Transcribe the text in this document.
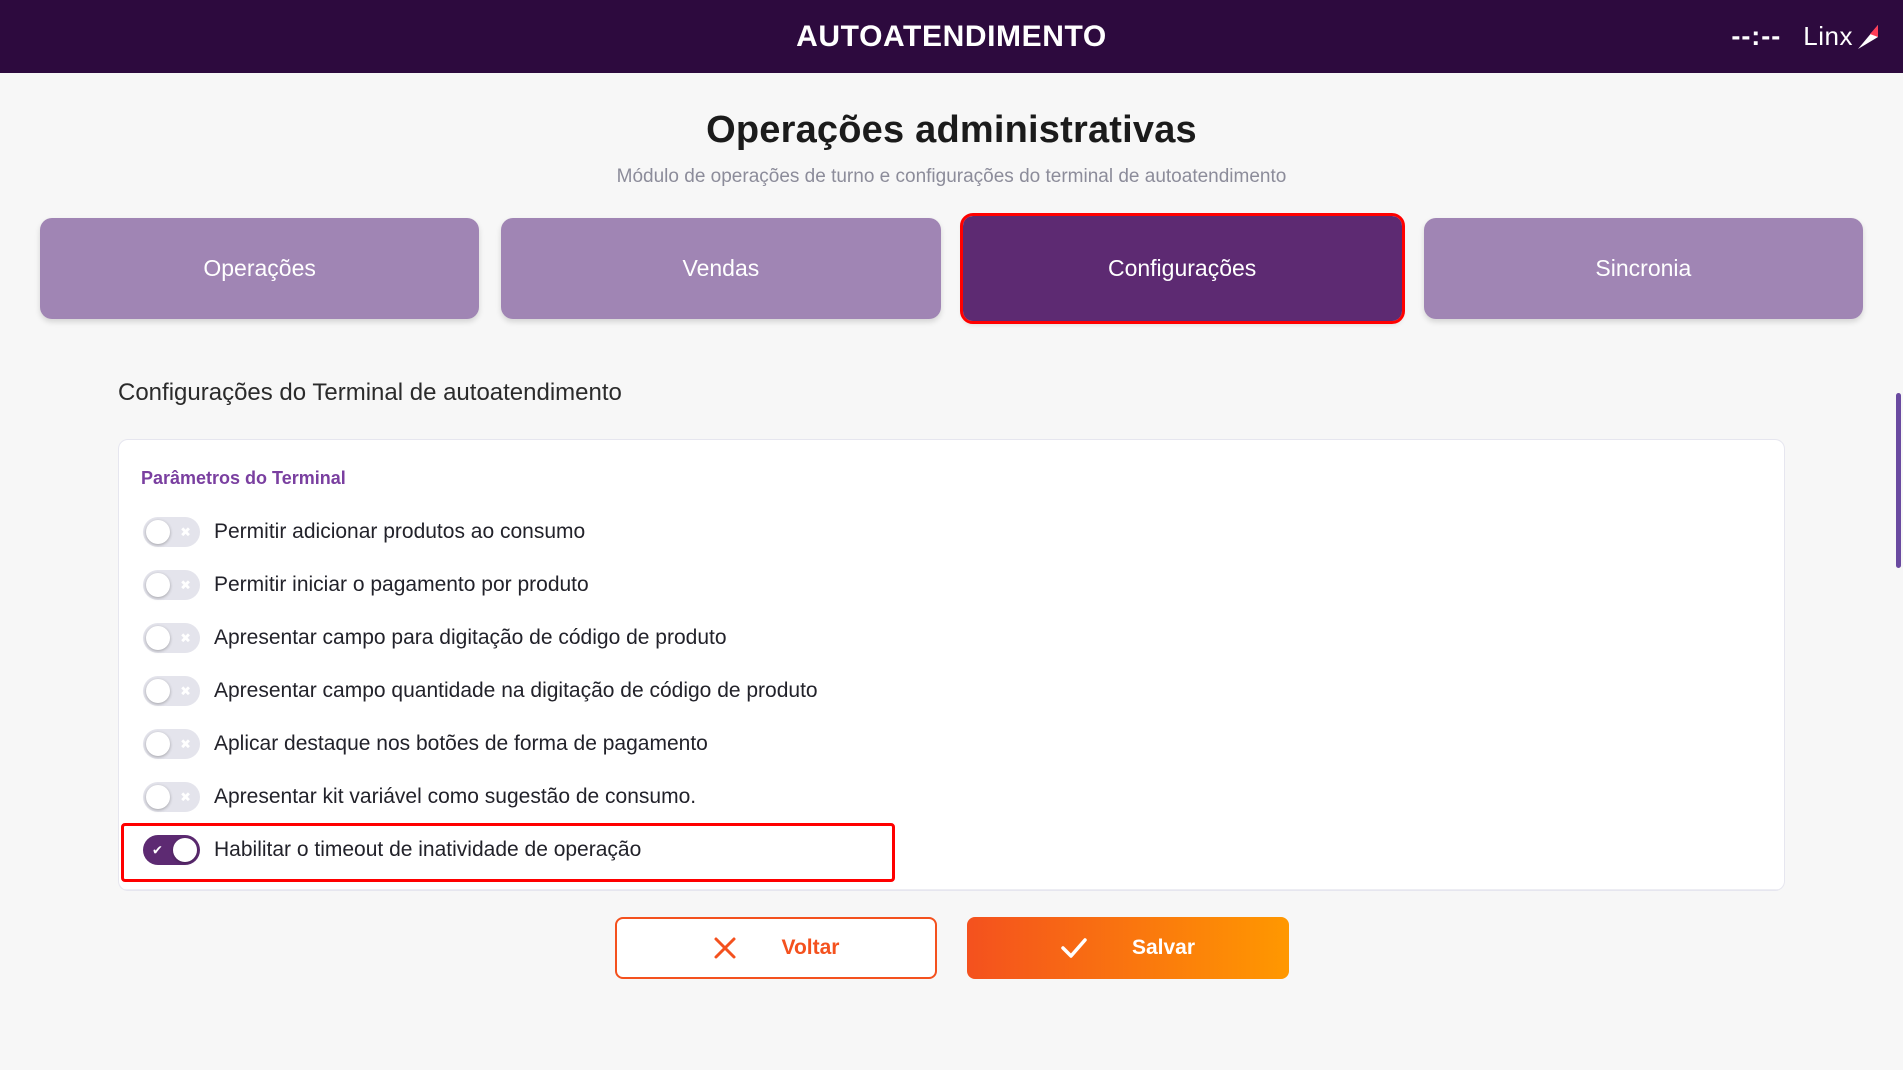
AUTOATENDIMENTO	--:-- Linx
Operações administrativas
Módulo de operações de turno e configurações do terminal de autoatendimento
Operações	Vendas	Configurações	Sincronia
Configurações do Terminal de autoatendimento
Parâmetros do Terminal
✖ Permitir adicionar produtos ao consumo
✖ Permitir iniciar o pagamento por produto
✖ Apresentar campo para digitação de código de produto
✖ Apresentar campo quantidade na digitação de código de produto
✖ Aplicar destaque nos botões de forma de pagamento
✖ Apresentar kit variável como sugestão de consumo.
✔ Habilitar o timeout de inatividade de operação
Voltar	Salvar
